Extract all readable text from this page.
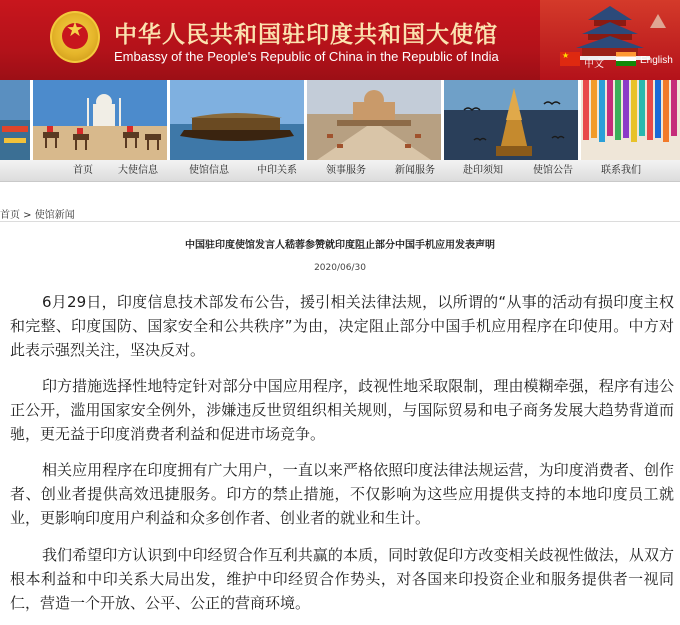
★	中华人民共和国驻印度共和国大使馆
Embassy of the People's Republic of China in the Republic of India
★
中文	English
首页	大使信息	使馆信息	中印关系	领事服务	新闻服务	赴印须知	使馆公告	联系我们
首页 > 使馆新闻
中国驻印度使馆发言人嵇蓉参赞就印度阻止部分中国手机应用发表声明
2020/06/30

6月29日，印度信息技术部发布公告，援引相关法律法规，以所谓的“从事的活动有损印度主权和完整、印度国防、国家安全和公共秩序”为由，决定阻止部分中国手机应用程序在印使用。中方对此表示强烈关注，坚决反对。

印方措施选择性地特定针对部分中国应用程序，歧视性地采取限制，理由模糊牵强，程序有违公正公开，滥用国家安全例外，涉嫌违反世贸组织相关规则，与国际贸易和电子商务发展大趋势背道而驰，更无益于印度消费者利益和促进市场竞争。

相关应用程序在印度拥有广大用户，一直以来严格依照印度法律法规运营，为印度消费者、创作者、创业者提供高效迅捷服务。印方的禁止措施，不仅影响为这些应用提供支持的本地印度员工就业，更影响印度用户利益和众多创作者、创业者的就业和生计。

我们希望印方认识到中印经贸合作互利共赢的本质，同时敦促印方改变相关歧视性做法，从双方根本利益和中印关系大局出发，维护中印经贸合作势头，对各国来印投资企业和服务提供者一视同仁，营造一个开放、公平、公正的营商环境。
